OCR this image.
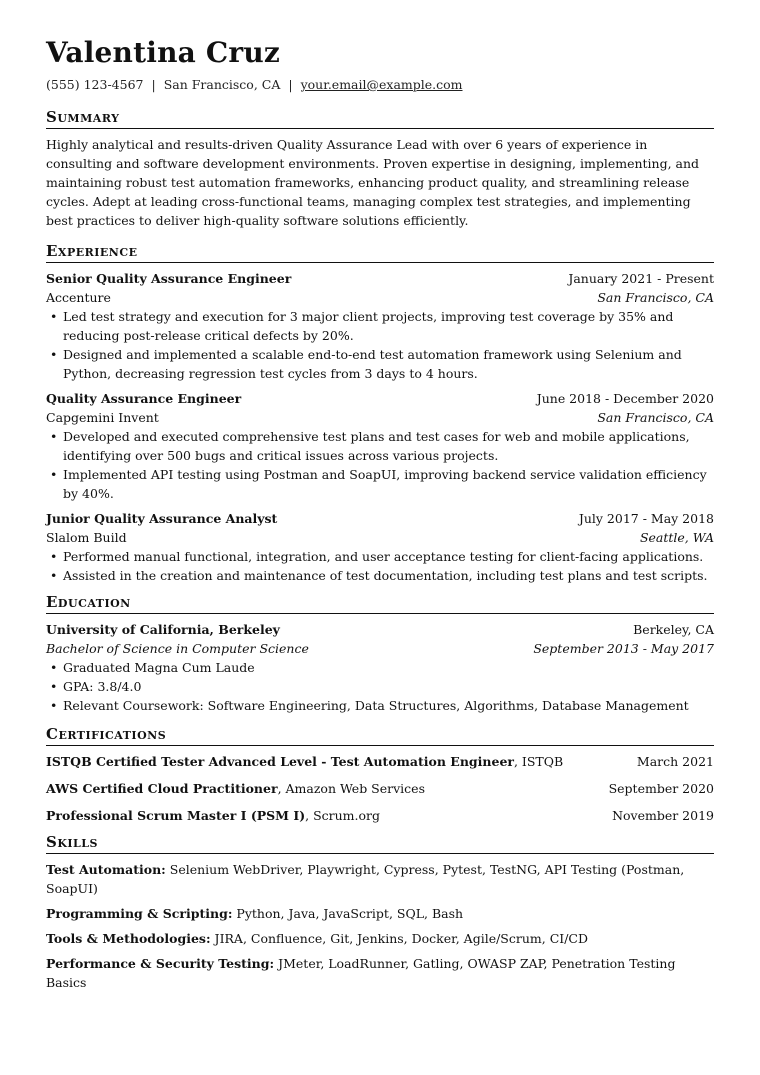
Valentina Cruz
(555) 123-4567 | San Francisco, CA | your.email@example.com
Summary

Highly analytical and results-driven Quality Assurance Lead with over 6 years of experience in consulting and software development environments. Proven expertise in designing, implementing, and maintaining robust test automation frameworks, enhancing product quality, and streamlining release cycles. Adept at leading cross-functional teams, managing complex test strategies, and implementing best practices to deliver high-quality software solutions efficiently.

Experience
Senior Quality Assurance Engineer	January 2021 - Present
Accenture	San Francisco, CA
• Led test strategy and execution for 3 major client projects, improving test coverage by 35% and reducing post-release critical defects by 20%.
• Designed and implemented a scalable end-to-end test automation framework using Selenium and Python, decreasing regression test cycles from 3 days to 4 hours.
Quality Assurance Engineer	June 2018 - December 2020
Capgemini Invent	San Francisco, CA
• Developed and executed comprehensive test plans and test cases for web and mobile applications, identifying over 500 bugs and critical issues across various projects.
• Implemented API testing using Postman and SoapUI, improving backend service validation efficiency by 40%.
Junior Quality Assurance Analyst	July 2017 - May 2018
Slalom Build	Seattle, WA
• Performed manual functional, integration, and user acceptance testing for client-facing applications.
• Assisted in the creation and maintenance of test documentation, including test plans and test scripts.
Education
University of California, Berkeley	Berkeley, CA
Bachelor of Science in Computer Science	September 2013 - May 2017
• Graduated Magna Cum Laude
• GPA: 3.8/4.0
• Relevant Coursework: Software Engineering, Data Structures, Algorithms, Database Management
Certifications
ISTQB Certified Tester Advanced Level - Test Automation Engineer, ISTQB	March 2021
AWS Certified Cloud Practitioner, Amazon Web Services	September 2020
Professional Scrum Master I (PSM I), Scrum.org	November 2019
Skills
Test Automation: Selenium WebDriver, Playwright, Cypress, Pytest, TestNG, API Testing (Postman, SoapUI)
Programming & Scripting: Python, Java, JavaScript, SQL, Bash
Tools & Methodologies: JIRA, Confluence, Git, Jenkins, Docker, Agile/Scrum, CI/CD
Performance & Security Testing: JMeter, LoadRunner, Gatling, OWASP ZAP, Penetration Testing Basics
